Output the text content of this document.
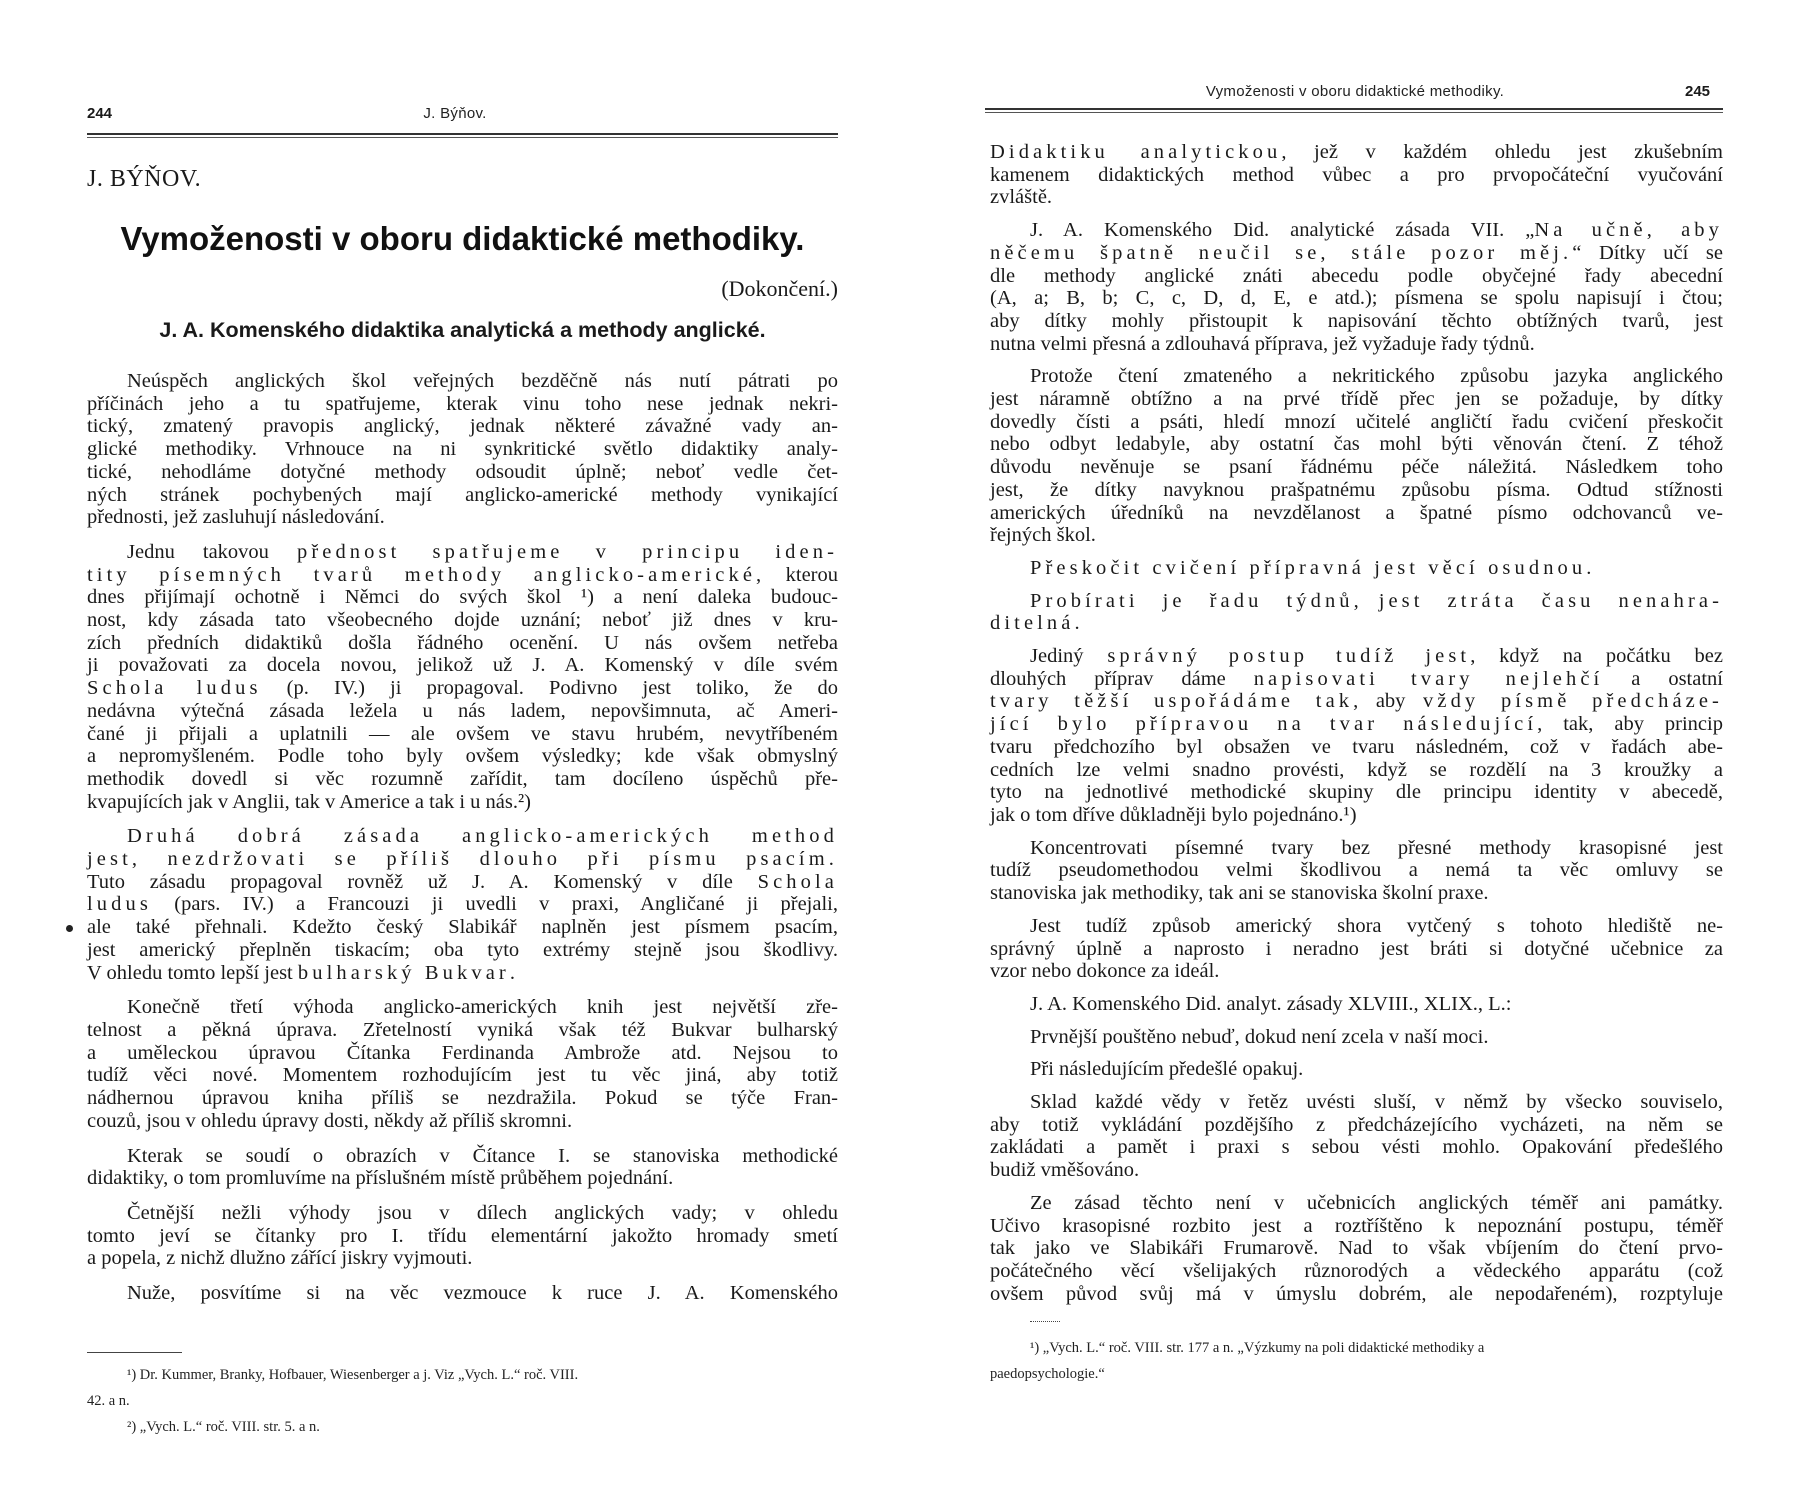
244	J. Býňov.
J. BÝŇOV.
Vymoženosti v oboru didaktické methodiky.
(Dokončení.)
J. A. Komenského didaktika analytická a methody anglické.
Neúspěch anglických škol veřejných bezděčně nás nutí pátrati po
příčinách jeho a tu spatřujeme, kterak vinu toho nese jednak nekri-
tický, zmatený pravopis anglický, jednak některé závažné vady an-
glické methodiky. Vrhnouce na ni synkritické světlo didaktiky analy-
tické, nehodláme dotyčné methody odsoudit úplně; neboť vedle čet-
ných stránek pochybených mají anglicko-americké methody vynikající
přednosti, jež zasluhují následování.
Jednu takovou přednost spatřujeme v principu iden-
tity písemných tvarů methody anglicko-americké, kterou
dnes přijímají ochotně i Němci do svých škol ¹) a není daleka budouc-
nost, kdy zásada tato všeobecného dojde uznání; neboť již dnes v kru-
zích předních didaktiků došla řádného ocenění. U nás ovšem netřeba
ji považovati za docela novou, jelikož už J. A. Komenský v díle svém
Schola ludus (p. IV.) ji propagoval. Podivno jest toliko, že do
nedávna výtečná zásada ležela u nás ladem, nepovšimnuta, ač Ameri-
čané ji přijali a uplatnili — ale ovšem ve stavu hrubém, nevytříbeném
a nepromyšleném. Podle toho byly ovšem výsledky; kde však obmyslný
methodik dovedl si věc rozumně zařídit, tam docíleno úspěchů pře-
kvapujících jak v Anglii, tak v Americe a tak i u nás.²)
Druhá dobrá zásada anglicko-amerických method
jest, nezdržovati se příliš dlouho při písmu psacím.
Tuto zásadu propagoval rovněž už J. A. Komenský v díle Schola
ludus (pars. IV.) a Francouzi ji uvedli v praxi, Angličané ji přejali,
ale také přehnali. Kdežto český Slabikář naplněn jest písmem psacím,
jest americký přeplněn tiskacím; oba tyto extrémy stejně jsou škodlivy.
V ohledu tomto lepší jest bulharský Bukvar.
Konečně třetí výhoda anglicko-amerických knih jest největší zře-
telnost a pěkná úprava. Zřetelností vyniká však též Bukvar bulharský
a uměleckou úpravou Čítanka Ferdinanda Ambrože atd. Nejsou to
tudíž věci nové. Momentem rozhodujícím jest tu věc jiná, aby totiž
nádhernou úpravou kniha příliš se nezdražila. Pokud se týče Fran-
couzů, jsou v ohledu úpravy dosti, někdy až příliš skromni.
Kterak se soudí o obrazích v Čítance I. se stanoviska methodické
didaktiky, o tom promluvíme na příslušném místě průběhem pojednání.
Četnější nežli výhody jsou v dílech anglických vady; v ohledu
tomto jeví se čítanky pro I. třídu elementární jakožto hromady smetí
a popela, z nichž dlužno zářící jiskry vyjmouti.
Nuže, posvítíme si na věc vezmouce k ruce J. A. Komenského
¹) Dr. Kummer, Branky, Hofbauer, Wiesenberger a j. Viz „Vych. L.“ roč. VIII.
42. a n.
²) „Vych. L.“ roč. VIII. str. 5. a n.
Vymoženosti v oboru didaktické methodiky.	245
Didaktiku analytickou, jež v každém ohledu jest zkušebním
kamenem didaktických method vůbec a pro prvopočáteční vyučování
zvláště.
J. A. Komenského Did. analytické zásada VII. „Na učně, aby
něčemu špatně neučil se, stále pozor měj.“ Dítky učí se
dle methody anglické znáti abecedu podle obyčejné řady abecední
(A, a; B, b; C, c, D, d, E, e atd.); písmena se spolu napisují i čtou;
aby dítky mohly přistoupit k napisování těchto obtížných tvarů, jest
nutna velmi přesná a zdlouhavá příprava, jež vyžaduje řady týdnů.
Protože čtení zmateného a nekritického způsobu jazyka anglického
jest náramně obtížno a na prvé třídě přec jen se požaduje, by dítky
dovedly čísti a psáti, hledí mnozí učitelé angličtí řadu cvičení přeskočit
nebo odbyt ledabyle, aby ostatní čas mohl býti věnován čtení. Z téhož
důvodu nevěnuje se psaní řádnému péče náležitá. Následkem toho
jest, že dítky navyknou prašpatnému způsobu písma. Odtud stížnosti
amerických úředníků na nevzdělanost a špatné písmo odchovanců ve-
řejných škol.
Přeskočit cvičení přípravná jest věcí osudnou.
Probírati je řadu týdnů, jest ztráta času nenahra-
ditelná.
Jediný správný postup tudíž jest, když na počátku bez
dlouhých příprav dáme napisovati tvary nejlehčí a ostatní
tvary těžší uspořádáme tak, aby vždy písmě předcháze-
jící bylo přípravou na tvar následující, tak, aby princip
tvaru předchozího byl obsažen ve tvaru následném, což v řadách abe-
cedních lze velmi snadno provésti, když se rozdělí na 3 kroužky a
tyto na jednotlivé methodické skupiny dle principu identity v abecedě,
jak o tom dříve důkladněji bylo pojednáno.¹)
Koncentrovati písemné tvary bez přesné methody krasopisné jest
tudíž pseudomethodou velmi škodlivou a nemá ta věc omluvy se
stanoviska jak methodiky, tak ani se stanoviska školní praxe.
Jest tudíž způsob americký shora vytčený s tohoto hlediště ne-
správný úplně a naprosto i neradno jest bráti si dotyčné učebnice za
vzor nebo dokonce za ideál.
J. A. Komenského Did. analyt. zásady XLVIII., XLIX., L.:
Prvnější pouštěno nebuď, dokud není zcela v naší moci.
Při následujícím předešlé opakuj.
Sklad každé vědy v řetěz uvésti sluší, v němž by všecko souviselo,
aby totiž vykládání pozdějšího z předcházejícího vycházeti, na něm se
zakládati a pamět i praxi s sebou vésti mohlo. Opakování předešlého
budiž vměšováno.
Ze zásad těchto není v učebnicích anglických téměř ani památky.
Učivo krasopisné rozbito jest a roztříštěno k nepoznání postupu, téměř
tak jako ve Slabikáři Frumarově. Nad to však vbíjením do čtení prvo-
počátečného věcí všelijakých různorodých a vědeckého apparátu (což
ovšem původ svůj má v úmyslu dobrém, ale nepodařeném), rozptyluje
¹) „Vych. L.“ roč. VIII. str. 177 a n. „Výzkumy na poli didaktické methodiky a
paedopsychologie.“
